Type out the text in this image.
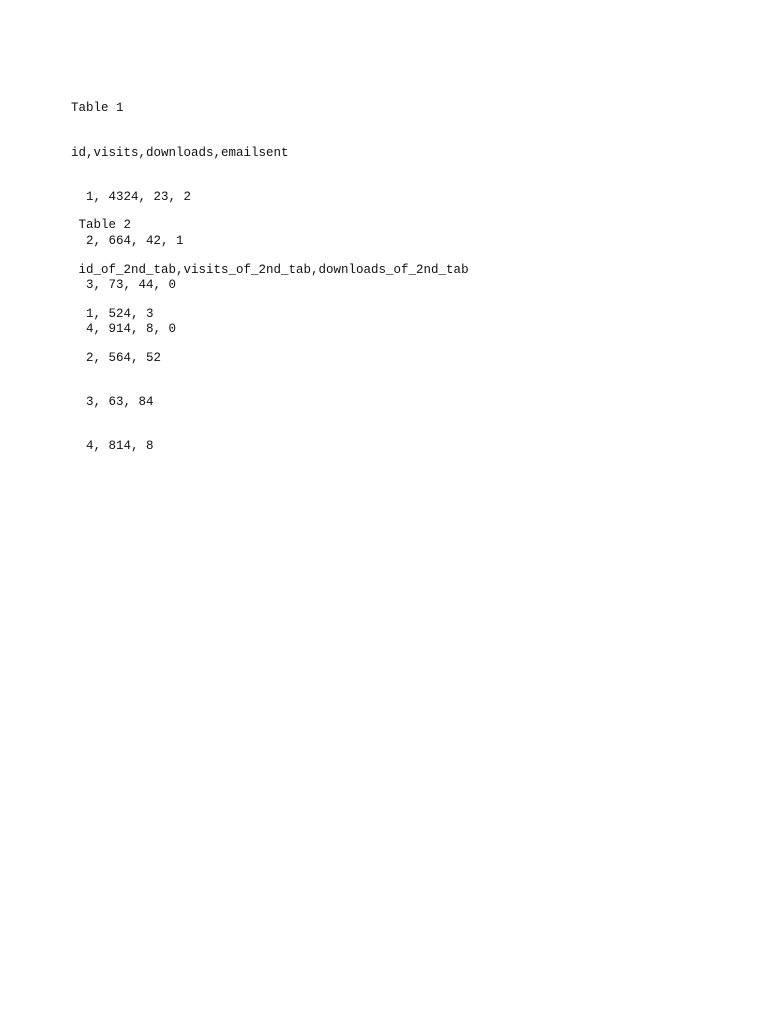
Table 1

id,visits,downloads,emailsent

1, 4324, 23, 2

2, 664, 42, 1

3, 73, 44, 0

4, 914, 8, 0

Table 2

id_of_2nd_tab,visits_of_2nd_tab,downloads_of_2nd_tab

1, 524, 3

2, 564, 52

3, 63, 84

4, 814, 8
